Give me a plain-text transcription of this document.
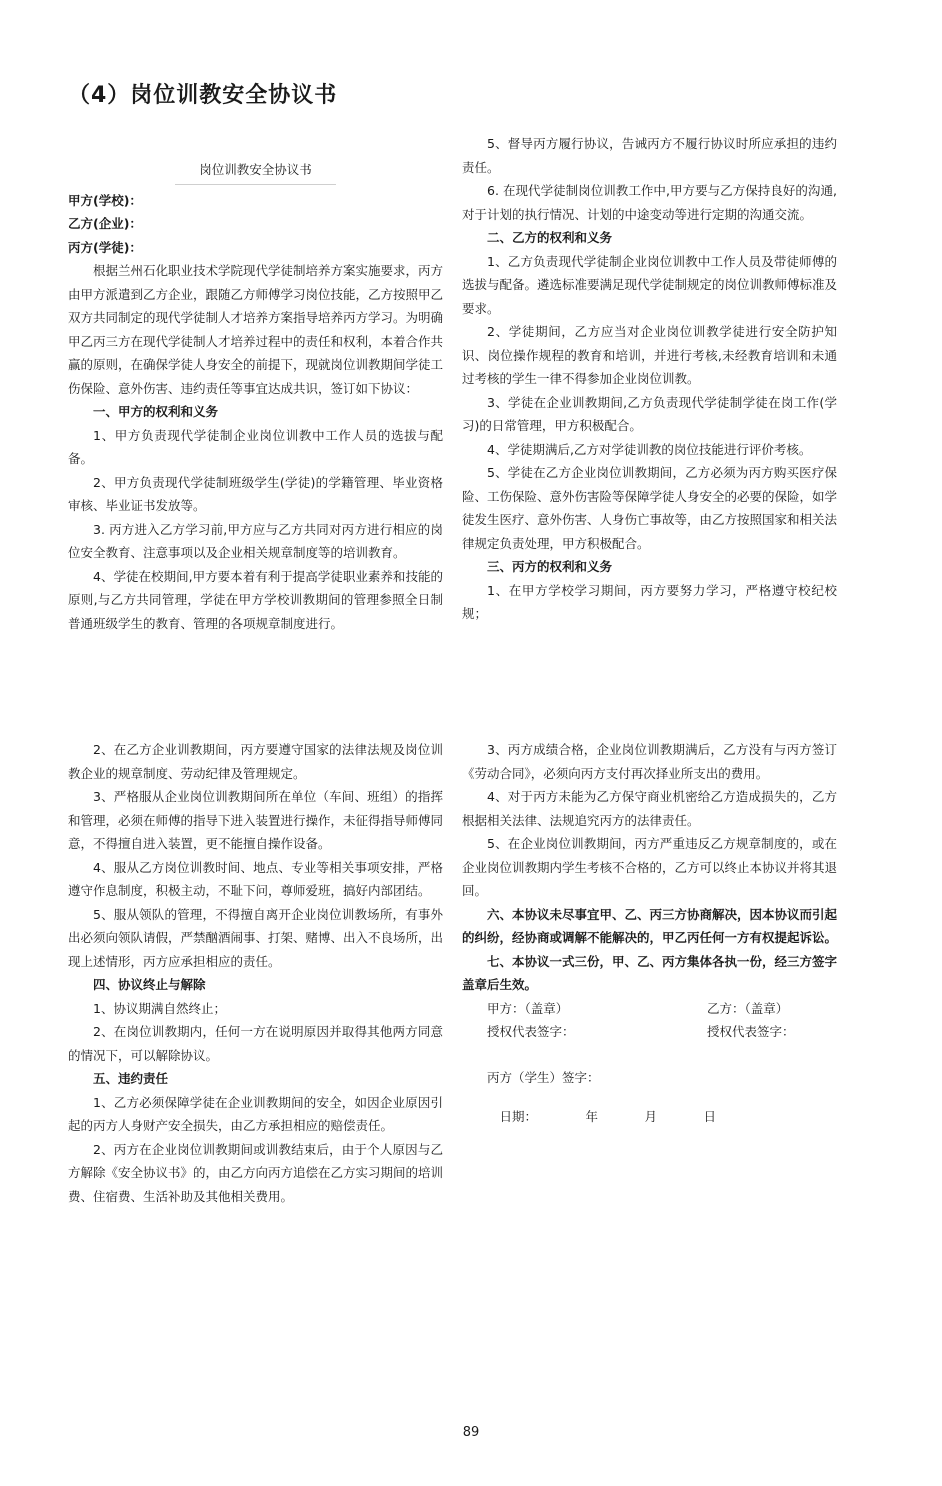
（4）岗位训教安全协议书
岗位训教安全协议书

甲方(学校)：

乙方(企业)：

丙方(学徒)：

根据兰州石化职业技术学院现代学徒制培养方案实施要求，丙方由甲方派遣到乙方企业，跟随乙方师傅学习岗位技能，乙方按照甲乙双方共同制定的现代学徒制人才培养方案指导培养丙方学习。为明确甲乙丙三方在现代学徒制人才培养过程中的责任和权利，本着合作共赢的原则，在确保学徒人身安全的前提下，现就岗位训教期间学徒工伤保险、意外伤害、违约责任等事宜达成共识，签订如下协议：

一、甲方的权利和义务

1、甲方负责现代学徒制企业岗位训教中工作人员的选拔与配备。

2、甲方负责现代学徒制班级学生(学徒)的学籍管理、毕业资格审核、毕业证书发放等。

3. 丙方进入乙方学习前,甲方应与乙方共同对丙方进行相应的岗位安全教育、注意事项以及企业相关规章制度等的培训教育。

4、学徒在校期间,甲方要本着有利于提高学徒职业素养和技能的原则,与乙方共同管理，学徒在甲方学校训教期间的管理参照全日制普通班级学生的教育、管理的各项规章制度进行。

5、督导丙方履行协议，告诫丙方不履行协议时所应承担的违约责任。

6. 在现代学徒制岗位训教工作中,甲方要与乙方保持良好的沟通,对于计划的执行情况、计划的中途变动等进行定期的沟通交流。

二、乙方的权利和义务

1、乙方负责现代学徒制企业岗位训教中工作人员及带徒师傅的选拔与配备。遴选标准要满足现代学徒制规定的岗位训教师傅标准及要求。

2、学徒期间，乙方应当对企业岗位训教学徒进行安全防护知识、岗位操作规程的教育和培训，并进行考核,未经教育培训和未通过考核的学生一律不得参加企业岗位训教。

3、学徒在企业训教期间,乙方负责现代学徒制学徒在岗工作(学习)的日常管理，甲方积极配合。

4、学徒期满后,乙方对学徒训教的岗位技能进行评价考核。

5、学徒在乙方企业岗位训教期间，乙方必须为丙方购买医疗保险、工伤保险、意外伤害险等保障学徒人身安全的必要的保险，如学徒发生医疗、意外伤害、人身伤亡事故等，由乙方按照国家和相关法律规定负责处理，甲方积极配合。

三、丙方的权利和义务

1、在甲方学校学习期间，丙方要努力学习，严格遵守校纪校规；

2、在乙方企业训教期间，丙方要遵守国家的法律法规及岗位训教企业的规章制度、劳动纪律及管理规定。

3、严格服从企业岗位训教期间所在单位（车间、班组）的指挥和管理，必须在师傅的指导下进入装置进行操作，未征得指导师傅同意，不得擅自进入装置，更不能擅自操作设备。

4、服从乙方岗位训教时间、地点、专业等相关事项安排，严格遵守作息制度，积极主动，不耻下问，尊师爱班，搞好内部团结。

5、服从领队的管理，不得擅自离开企业岗位训教场所，有事外出必须向领队请假，严禁酗酒闹事、打架、赌博、出入不良场所，出现上述情形，丙方应承担相应的责任。

四、协议终止与解除

1、协议期满自然终止；

2、在岗位训教期内，任何一方在说明原因并取得其他两方同意的情况下，可以解除协议。

五、违约责任

1、乙方必须保障学徒在企业训教期间的安全，如因企业原因引起的丙方人身财产安全损失，由乙方承担相应的赔偿责任。

2、丙方在企业岗位训教期间或训教结束后，由于个人原因与乙方解除《安全协议书》的，由乙方向丙方追偿在乙方实习期间的培训费、住宿费、生活补助及其他相关费用。

3、丙方成绩合格，企业岗位训教期满后，乙方没有与丙方签订《劳动合同》，必须向丙方支付再次择业所支出的费用。

4、对于丙方未能为乙方保守商业机密给乙方造成损失的，乙方根据相关法律、法规追究丙方的法律责任。

5、在企业岗位训教期间，丙方严重违反乙方规章制度的，或在企业岗位训教期内学生考核不合格的，乙方可以终止本协议并将其退回。

六、本协议未尽事宜甲、乙、丙三方协商解决，因本协议而引起的纠纷，经协商或调解不能解决的，甲乙丙任何一方有权提起诉讼。

七、本协议一式三份，甲、乙、丙方集体各执一份，经三方签字盖章后生效。

甲方：（盖章）	乙方：（盖章）
授权代表签字：	授权代表签字：
丙方（学生）签字：
日期：	年	月	日
89
